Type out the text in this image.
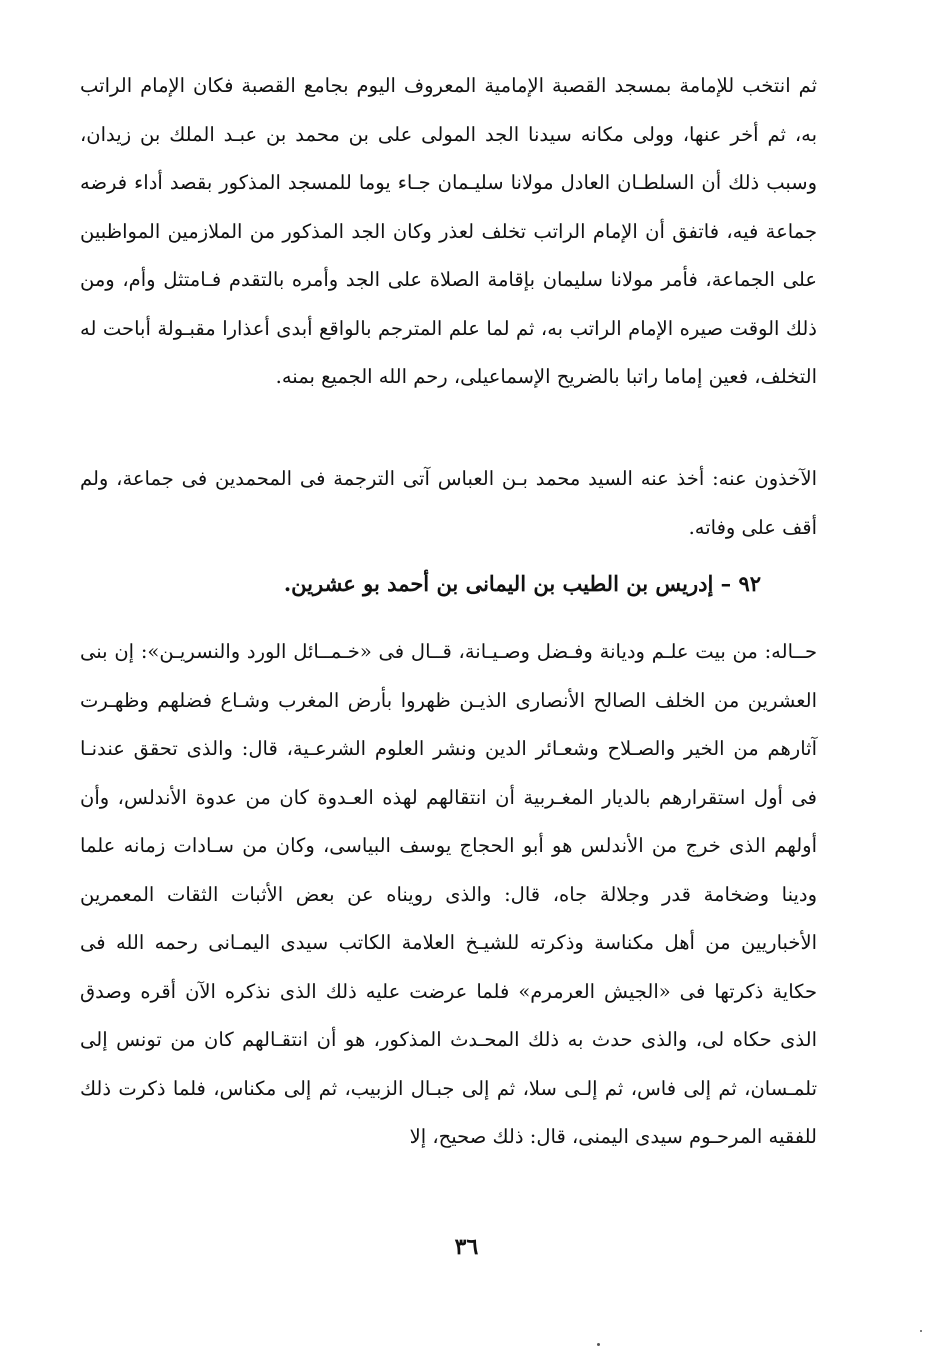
ثم انتخب للإمامة بمسجد القصبة الإمامية المعروف اليوم بجامع القصبة فكان الإمام الراتب به، ثم أخر عنها، وولى مكانه سيدنا الجد المولى على بن محمد بن عبـد الملك بن زيدان، وسبب ذلك أن السلطـان العادل مولانا سليـمان جـاء يوما للمسجد المذكور بقصد أداء فرضه جماعة فيه، فاتفق أن الإمام الراتب تخلف لعذر وكان الجد المذكور من الملازمين المواظبين على الجماعة، فأمر مولانا سليمان بإقامة الصلاة على الجد وأمره بالتقدم فـامتثل وأم، ومن ذلك الوقت صيره الإمام الراتب به، ثم لما علم المترجم بالواقع أبدى أعذارا مقبـولة أباحت له التخلف، فعين إماما راتبا بالضريح الإسماعيلى، رحم الله الجميع بمنه.

الآخذون عنه: أخذ عنه السيد محمد بـن العباس آتى الترجمة فى المحمدين فى جماعة، ولم أقف على وفاته.

٩٢ – إدريس بن الطيب بن اليمانى بن أحمد بو عشرين.

حــاله: من بيت علـم وديانة وفـضل وصـيـانة، قــال فى «خـمــائل الورد والنسريـن»: إن بنى العشرين من الخلف الصالح الأنصارى الذيـن ظهروا بأرض المغرب وشـاع فضلهم وظهـرت آثارهم من الخير والصـلاح وشعـائر الدين ونشر العلوم الشرعـية، قال: والذى تحقق عندنـا فى أول استقرارهم بالديار المغـربية أن انتقالهم لهذه العـدوة كان من عدوة الأندلس، وأن أولهم الذى خرج من الأندلس هو أبو الحجاج يوسف البياسى، وكان من سـادات زمانه علما ودينا وضخامة قدر وجلالة جاه، قال: والذى رويناه عن بعض الأثبات الثقات المعمرين الأخباريين من أهل مكناسة وذكرته للشيـخ العلامة الكاتب سيدى اليمـانى رحمه الله فى حكاية ذكرتها فى «الجيش العرمرم» فلما عرضت عليه ذلك الذى نذكره الآن أقره وصدق الذى حكاه لى، والذى حدث به ذلك المحـدث المذكور، هو أن انتقـالهم كان من تونس إلى تلمـسان، ثم إلى فاس، ثم إلـى سلا، ثم إلى جبـال الزبيب، ثم إلى مكناس، فلما ذكرت ذلك للفقيه المرحـوم سيدى اليمنى، قال: ذلك صحيح، إلا

٣٦
